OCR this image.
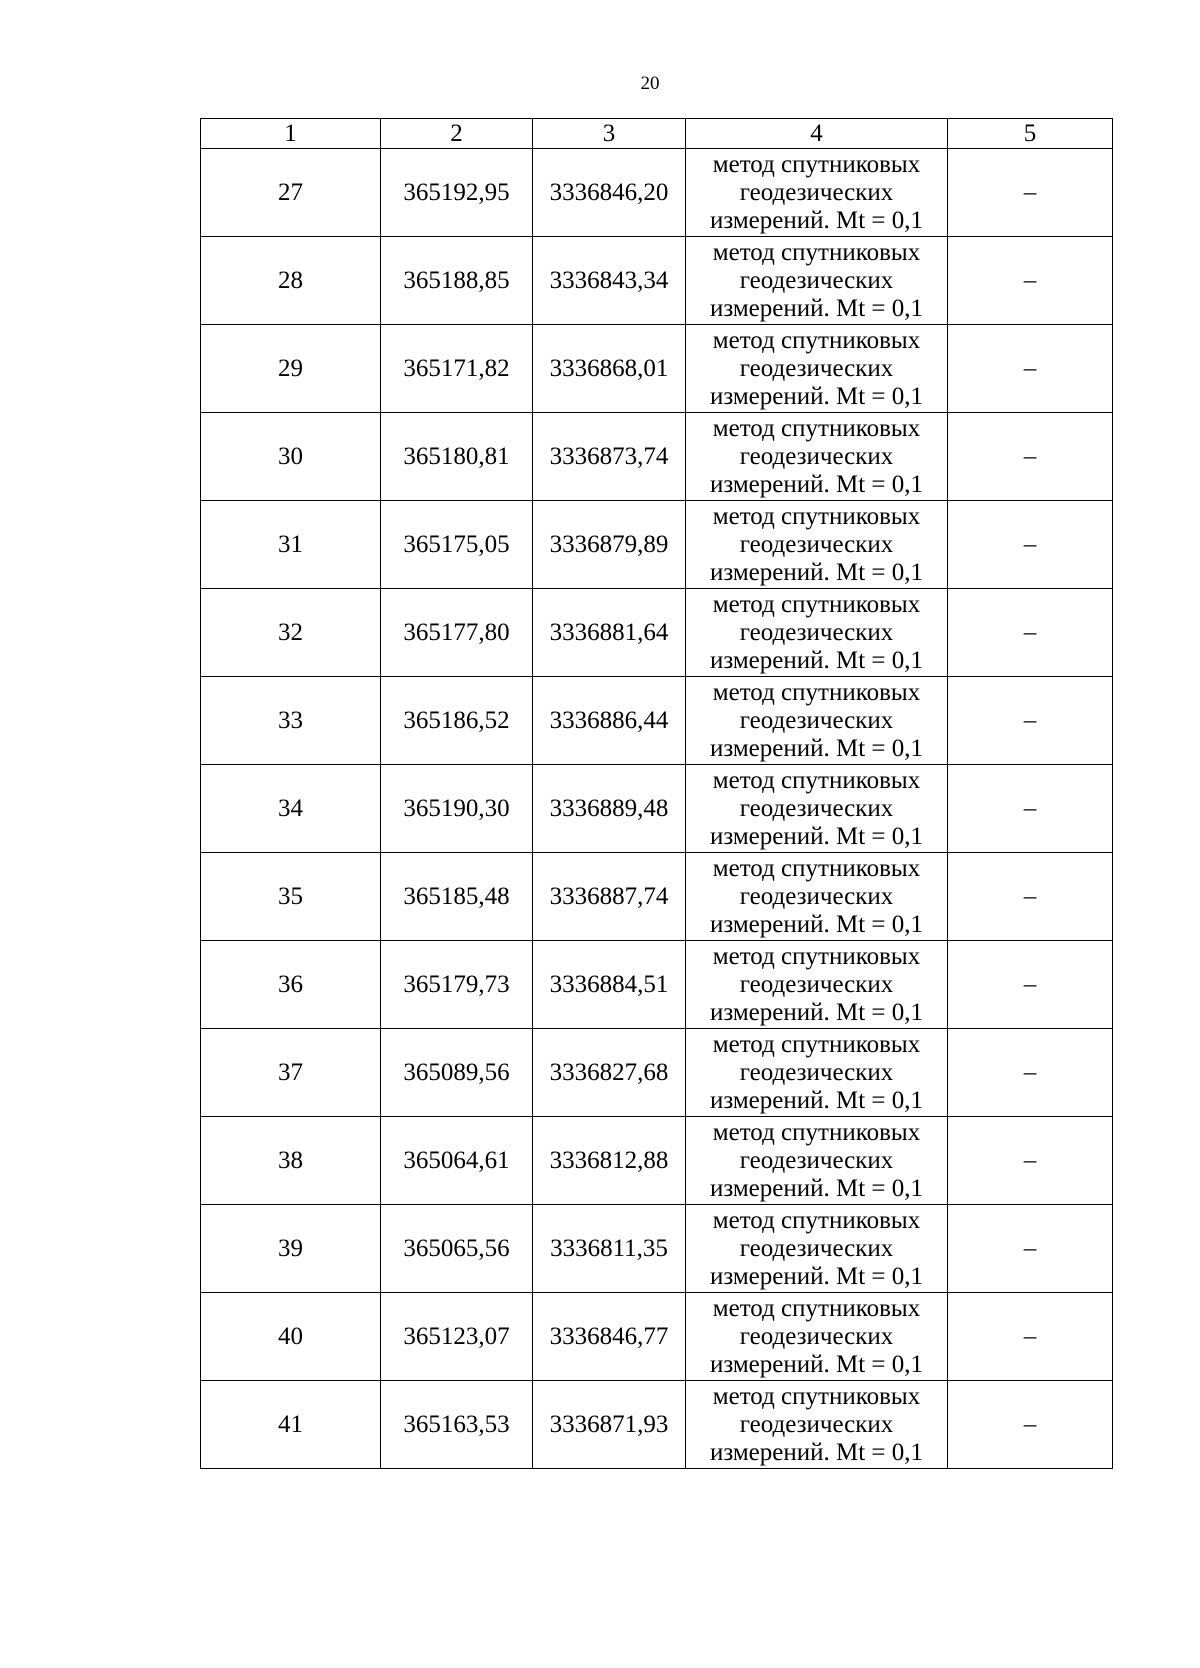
20
1	2	3	4	5
27	365192,95	3336846,20	метод спутниковых
геодезических
измерений. Mt = 0,1	–
28	365188,85	3336843,34	метод спутниковых
геодезических
измерений. Mt = 0,1	–
29	365171,82	3336868,01	метод спутниковых
геодезических
измерений. Mt = 0,1	–
30	365180,81	3336873,74	метод спутниковых
геодезических
измерений. Mt = 0,1	–
31	365175,05	3336879,89	метод спутниковых
геодезических
измерений. Mt = 0,1	–
32	365177,80	3336881,64	метод спутниковых
геодезических
измерений. Mt = 0,1	–
33	365186,52	3336886,44	метод спутниковых
геодезических
измерений. Mt = 0,1	–
34	365190,30	3336889,48	метод спутниковых
геодезических
измерений. Mt = 0,1	–
35	365185,48	3336887,74	метод спутниковых
геодезических
измерений. Mt = 0,1	–
36	365179,73	3336884,51	метод спутниковых
геодезических
измерений. Mt = 0,1	–
37	365089,56	3336827,68	метод спутниковых
геодезических
измерений. Mt = 0,1	–
38	365064,61	3336812,88	метод спутниковых
геодезических
измерений. Mt = 0,1	–
39	365065,56	3336811,35	метод спутниковых
геодезических
измерений. Mt = 0,1	–
40	365123,07	3336846,77	метод спутниковых
геодезических
измерений. Mt = 0,1	–
41	365163,53	3336871,93	метод спутниковых
геодезических
измерений. Mt = 0,1	–
